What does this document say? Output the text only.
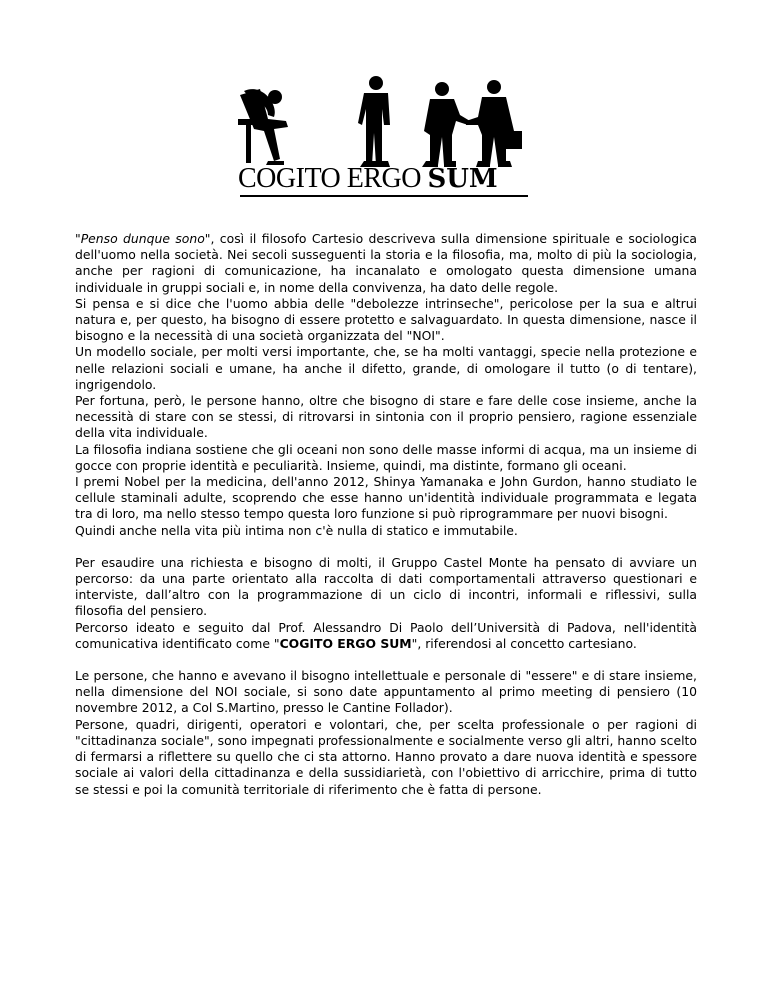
COGITO ERGO SUM

"Penso dunque sono", così il filosofo Cartesio descriveva sulla dimensione spirituale e sociologica dell'uomo nella società. Nei secoli susseguenti la storia e la filosofia, ma, molto di più la sociologia, anche per ragioni di comunicazione, ha incanalato e omologato questa dimensione umana individuale in gruppi sociali e, in nome della convivenza, ha dato delle regole.

Si pensa e si dice che l'uomo abbia delle "debolezze intrinseche", pericolose per la sua e altrui natura e, per questo, ha bisogno di essere protetto e salvaguardato. In questa dimensione, nasce il bisogno e la necessità di una società organizzata del "NOI".

Un modello sociale, per molti versi importante, che, se ha molti vantaggi, specie nella protezione e nelle relazioni sociali e umane, ha anche il difetto, grande, di omologare il tutto (o di tentare), ingrigendolo.

Per fortuna, però, le persone hanno, oltre che bisogno di stare e fare delle cose insieme, anche la necessità di stare con se stessi, di ritrovarsi in sintonia con il proprio pensiero, ragione essenziale della vita individuale.

La filosofia indiana sostiene che gli oceani non sono delle masse informi di acqua, ma un insieme di gocce con proprie identità e peculiarità. Insieme, quindi, ma distinte, formano gli oceani.

I premi Nobel per la medicina, dell'anno 2012, Shinya Yamanaka e John Gurdon, hanno studiato le cellule staminali adulte, scoprendo che esse hanno un'identità individuale programmata e legata tra di loro, ma nello stesso tempo questa loro funzione si può riprogrammare per nuovi bisogni.

Quindi anche nella vita più intima non c'è nulla di statico e immutabile.

Per esaudire una richiesta e bisogno di molti, il Gruppo Castel Monte ha pensato di avviare un percorso: da una parte orientato alla raccolta di dati comportamentali attraverso questionari e interviste, dall’altro con la programmazione di un ciclo di incontri, informali e riflessivi, sulla filosofia del pensiero.

Percorso ideato e seguito dal Prof. Alessandro Di Paolo dell’Università di Padova, nell'identità comunicativa identificato come "COGITO ERGO SUM", riferendosi al concetto cartesiano.

Le persone, che hanno e avevano il bisogno intellettuale e personale di "essere" e di stare insieme, nella dimensione del NOI sociale, si sono date appuntamento al primo meeting di pensiero (10 novembre 2012, a Col S.Martino, presso le Cantine Follador).

Persone, quadri, dirigenti, operatori e volontari, che, per scelta professionale o per ragioni di "cittadinanza sociale", sono impegnati professionalmente e socialmente verso gli altri, hanno scelto di fermarsi a riflettere su quello che ci sta attorno. Hanno provato a dare nuova identità e spessore sociale ai valori della cittadinanza e della sussidiarietà, con l'obiettivo di arricchire, prima di tutto se stessi e poi la comunità territoriale di riferimento che è fatta di persone.
